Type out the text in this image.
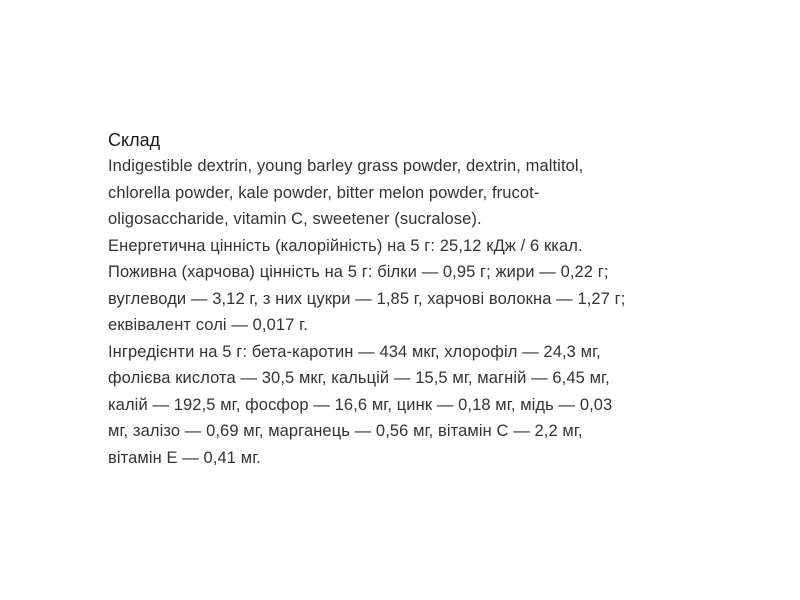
Склад

Indigestible dextrin, young barley grass powder, dextrin, maltitol,
chlorella powder, kale powder, bitter melon powder, frucot-
oligosaccharide, vitamin C, sweetener (sucralose).
Енергетична цінність (калорійність) на 5 г: 25,12 кДж / 6 ккал.
Поживна (харчова) цінність на 5 г: білки — 0,95 г; жири — 0,22 г;
вуглеводи — 3,12 г, з них цукри — 1,85 г, харчові волокна — 1,27 г;
еквівалент солі — 0,017 г.
Інгредієнти на 5 г: бета-каротин — 434 мкг, хлорофіл — 24,3 мг,
фолієва кислота — 30,5 мкг, кальцій — 15,5 мг, магній — 6,45 мг,
калій — 192,5 мг, фосфор — 16,6 мг, цинк — 0,18 мг, мідь — 0,03
мг, залізо — 0,69 мг, марганець — 0,56 мг, вітамін С — 2,2 мг,
вітамін Е — 0,41 мг.
